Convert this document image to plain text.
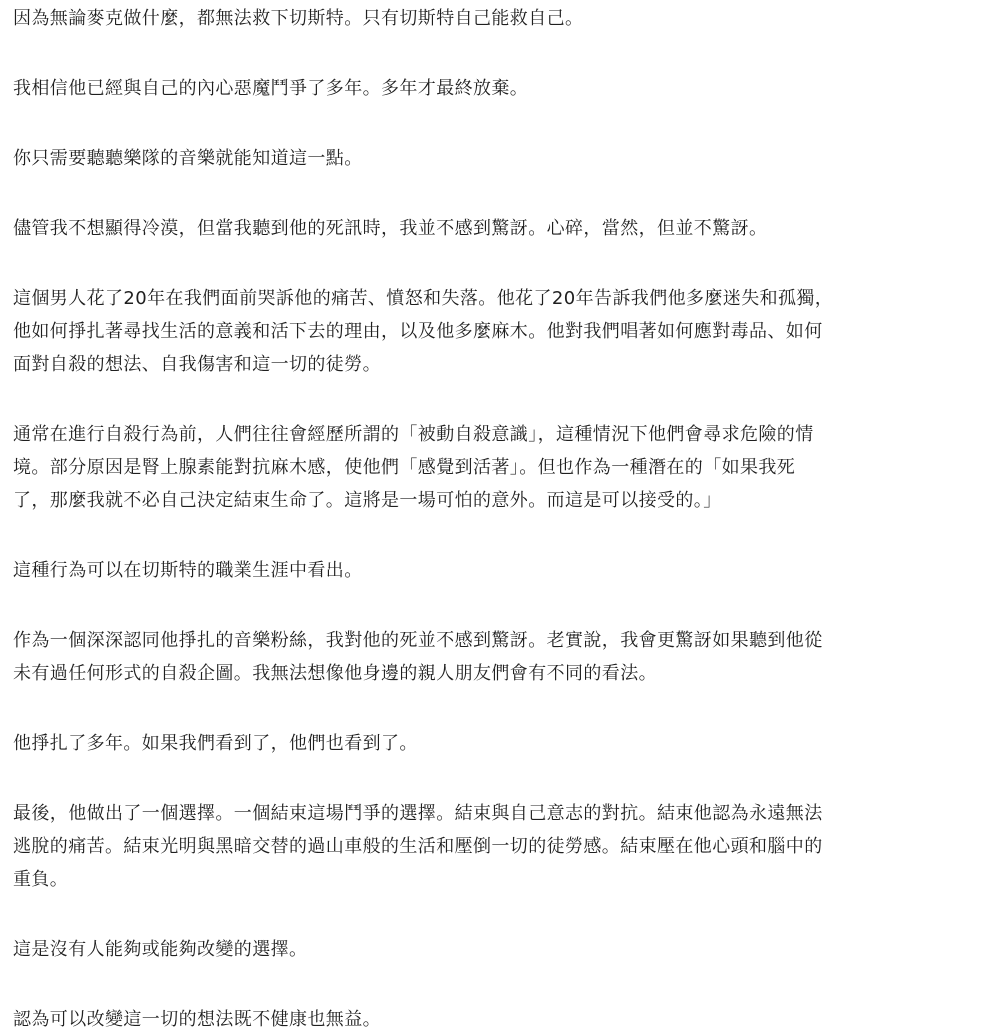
因為無論麥克做什麼，都無法救下切斯特。只有切斯特自己能救自己。

我相信他已經與自己的內心惡魔鬥爭了多年。多年才最終放棄。

你只需要聽聽樂隊的音樂就能知道這一點。

儘管我不想顯得冷漠，但當我聽到他的死訊時，我並不感到驚訝。心碎，當然，但並不驚訝。

這個男人花了20年在我們面前哭訴他的痛苦、憤怒和失落。他花了20年告訴我們他多麼迷失和孤獨，
他如何掙扎著尋找生活的意義和活下去的理由，以及他多麼麻木。他對我們唱著如何應對毒品、如何
面對自殺的想法、自我傷害和這一切的徒勞。

通常在進行自殺行為前，人們往往會經歷所謂的「被動自殺意識」，這種情況下他們會尋求危險的情
境。部分原因是腎上腺素能對抗麻木感，使他們「感覺到活著」。但也作為一種潛在的「如果我死
了，那麼我就不必自己決定結束生命了。這將是一場可怕的意外。而這是可以接受的。」

這種行為可以在切斯特的職業生涯中看出。

作為一個深深認同他掙扎的音樂粉絲，我對他的死並不感到驚訝。老實說，我會更驚訝如果聽到他從
未有過任何形式的自殺企圖。我無法想像他身邊的親人朋友們會有不同的看法。

他掙扎了多年。如果我們看到了，他們也看到了。

最後，他做出了一個選擇。一個結束這場鬥爭的選擇。結束與自己意志的對抗。結束他認為永遠無法
逃脫的痛苦。結束光明與黑暗交替的過山車般的生活和壓倒一切的徒勞感。結束壓在他心頭和腦中的
重負。

這是沒有人能夠或能夠改變的選擇。

認為可以改變這一切的想法既不健康也無益。
